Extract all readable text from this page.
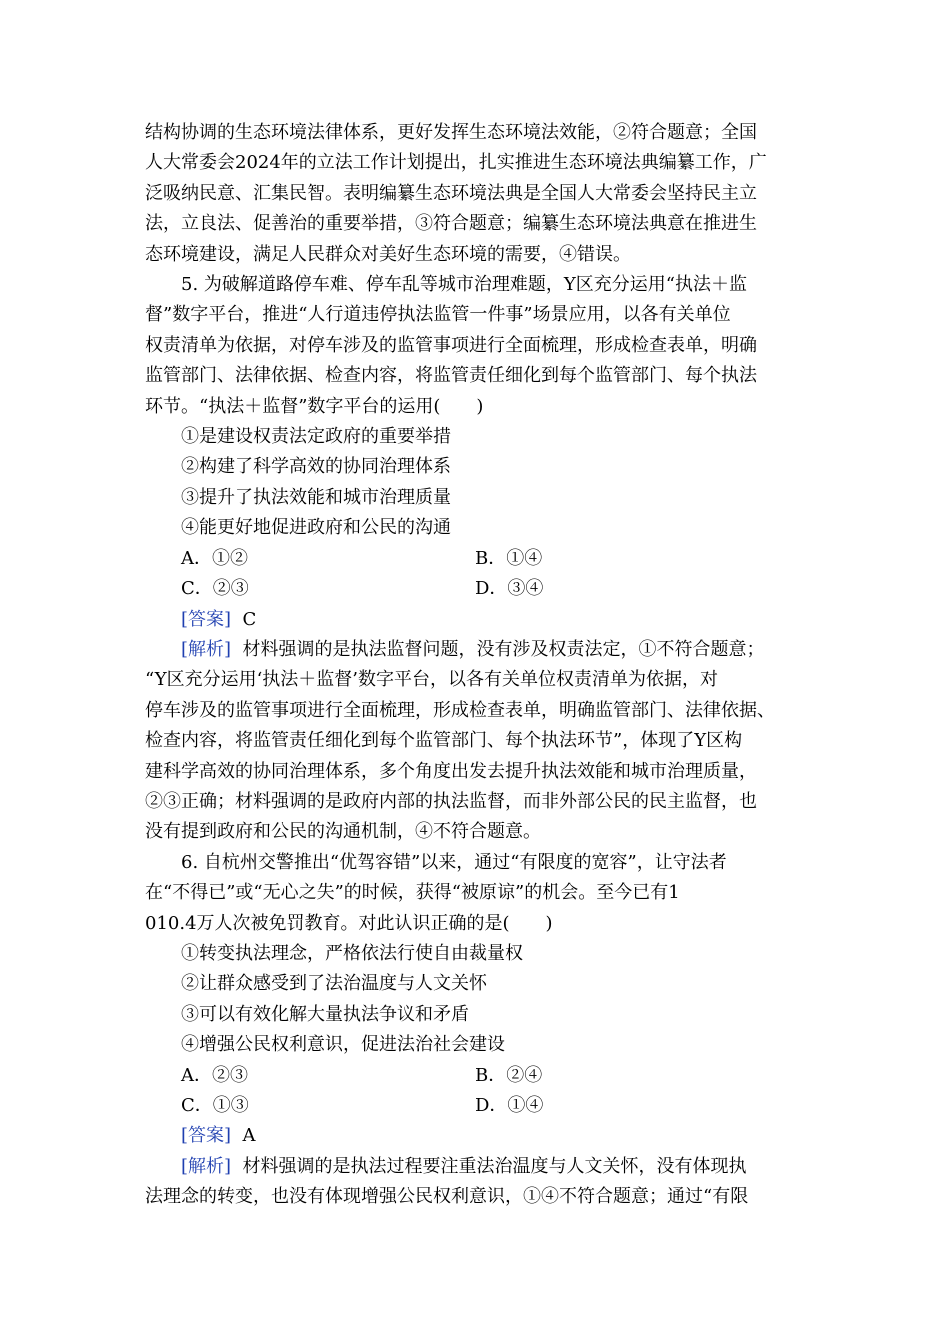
结构协调的生态环境法律体系，更好发挥生态环境法效能，②符合题意；全国

人大常委会2024年的立法工作计划提出，扎实推进生态环境法典编纂工作，广

泛吸纳民意、汇集民智。表明编纂生态环境法典是全国人大常委会坚持民主立

法，立良法、促善治的重要举措，③符合题意；编纂生态环境法典意在推进生

态环境建设，满足人民群众对美好生态环境的需要，④错误。

5. 为破解道路停车难、停车乱等城市治理难题，Y区充分运用“执法＋监

督”数字平台，推进“人行道违停执法监管一件事”场景应用，以各有关单位

权责清单为依据，对停车涉及的监管事项进行全面梳理，形成检查表单，明确

监管部门、法律依据、检查内容，将监管责任细化到每个监管部门、每个执法

环节。“执法＋监督”数字平台的运用(　　)

①是建设权责法定政府的重要举措

②构建了科学高效的协同治理体系

③提升了执法效能和城市治理质量

④能更好地促进政府和公民的沟通

A．①②	B．①④
C．②③	D．③④

[答案] C

[解析] 材料强调的是执法监督问题，没有涉及权责法定，①不符合题意；

“Y区充分运用‘执法＋监督’数字平台，以各有关单位权责清单为依据，对

停车涉及的监管事项进行全面梳理，形成检查表单，明确监管部门、法律依据、

检查内容，将监管责任细化到每个监管部门、每个执法环节”，体现了Y区构

建科学高效的协同治理体系，多个角度出发去提升执法效能和城市治理质量，

②③正确；材料强调的是政府内部的执法监督，而非外部公民的民主监督，也

没有提到政府和公民的沟通机制，④不符合题意。

6. 自杭州交警推出“优驾容错”以来，通过“有限度的宽容”，让守法者

在“不得已”或“无心之失”的时候，获得“被原谅”的机会。至今已有1

010.4万人次被免罚教育。对此认识正确的是(　　)

①转变执法理念，严格依法行使自由裁量权

②让群众感受到了法治温度与人文关怀

③可以有效化解大量执法争议和矛盾

④增强公民权利意识，促进法治社会建设

A．②③	B．②④
C．①③	D．①④

[答案] A

[解析] 材料强调的是执法过程要注重法治温度与人文关怀，没有体现执

法理念的转变，也没有体现增强公民权利意识，①④不符合题意；通过“有限
